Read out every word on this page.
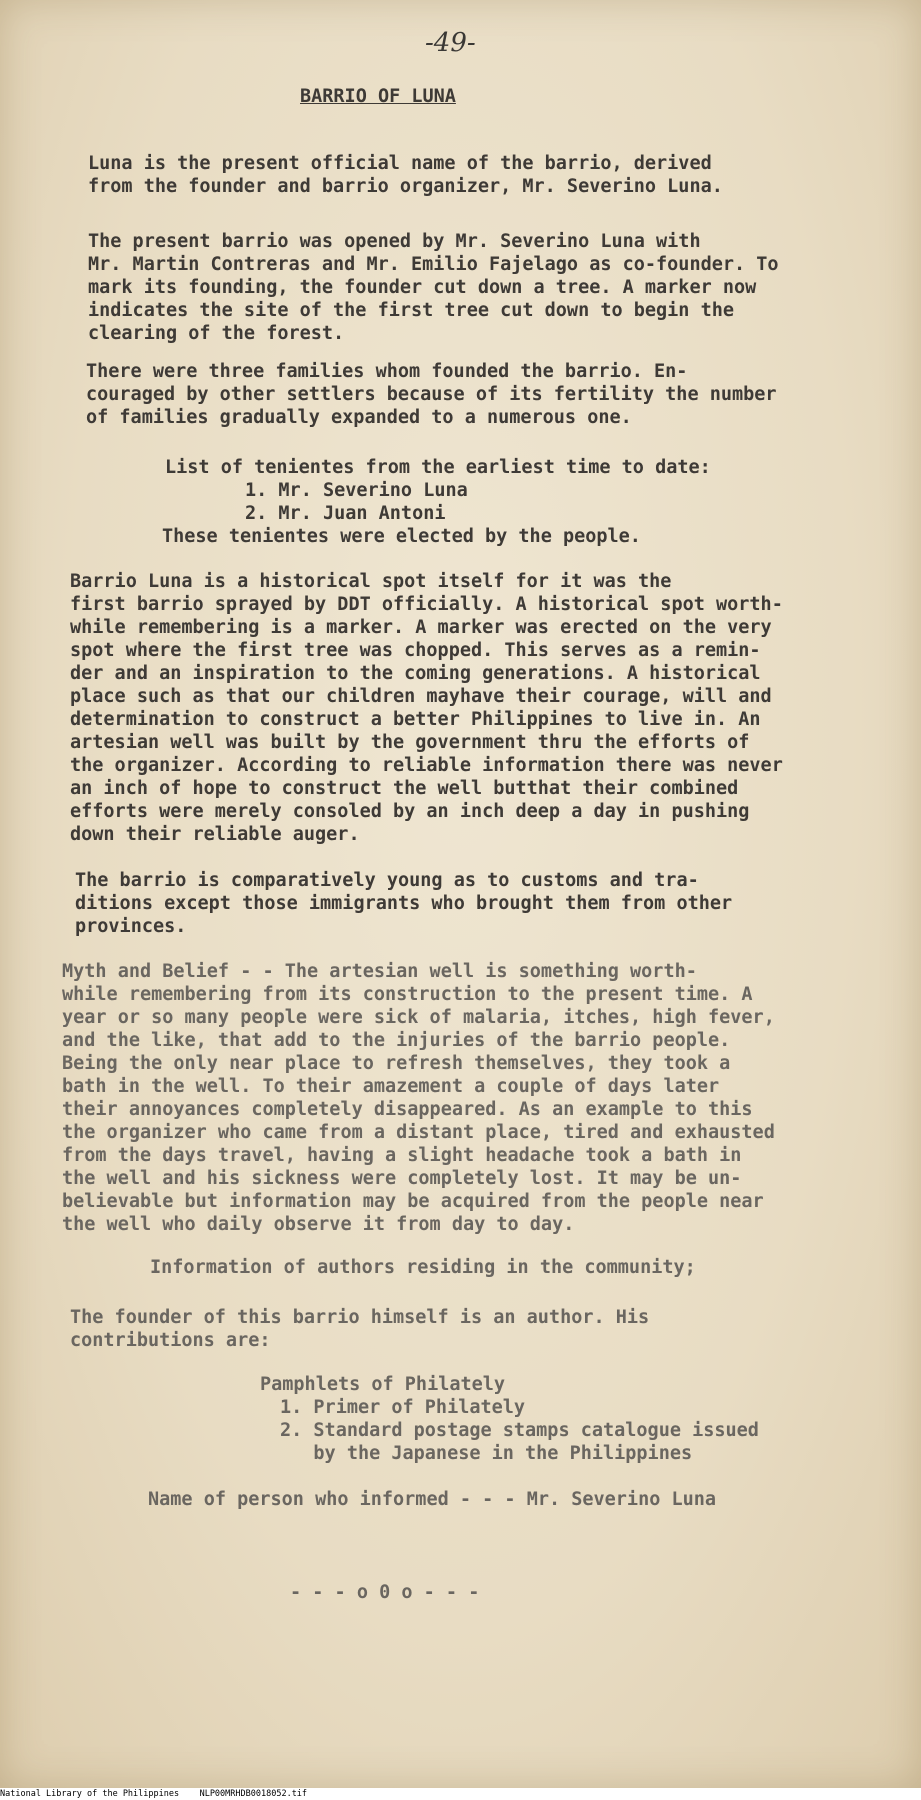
-49-
BARRIO OF LUNA

Luna is the present official name of the barrio, derived
from the founder and barrio organizer, Mr. Severino Luna.

The present barrio was opened by Mr. Severino Luna with
Mr. Martin Contreras and Mr. Emilio Fajelago as co-founder. To
mark its founding, the founder cut down a tree. A marker now
indicates the site of the first tree cut down to begin the
clearing of the forest.

There were three families whom founded the barrio. En-
couraged by other settlers because of its fertility the number
of families gradually expanded to a numerous one.

List of tenientes from the earliest time to date:

1. Mr. Severino Luna

2. Mr. Juan Antoni

These tenientes were elected by the people.

Barrio Luna is a historical spot itself for it was the
first barrio sprayed by DDT officially. A historical spot worth-
while remembering is a marker. A marker was erected on the very
spot where the first tree was chopped. This serves as a remin-
der and an inspiration to the coming generations. A historical
place such as that our children mayhave their courage, will and
determination to construct a better Philippines to live in. An
artesian well was built by the government thru the efforts of
the organizer. According to reliable information there was never
an inch of hope to construct the well butthat their combined
efforts were merely consoled by an inch deep a day in pushing
down their reliable auger.

The barrio is comparatively young as to customs and tra-
ditions except those immigrants who brought them from other
provinces.

Myth and Belief - - The artesian well is something worth-
while remembering from its construction to the present time. A
year or so many people were sick of malaria, itches, high fever,
and the like, that add to the injuries of the barrio people.
Being the only near place to refresh themselves, they took a
bath in the well. To their amazement a couple of days later
their annoyances completely disappeared. As an example to this
the organizer who came from a distant place, tired and exhausted
from the days travel, having a slight headache took a bath in
the well and his sickness were completely lost. It may be un-
believable but information may be acquired from the people near
the well who daily observe it from day to day.

Information of authors residing in the community;

The founder of this barrio himself is an author. His
contributions are:

Pamphlets of Philately

1. Primer of Philately

2. Standard postage stamps catalogue issued
by the Japanese in the Philippines

Name of person who informed - - - Mr. Severino Luna

- - - o 0 o - - -

National Library of the Philippines    NLP00MRHDB0018052.tif
